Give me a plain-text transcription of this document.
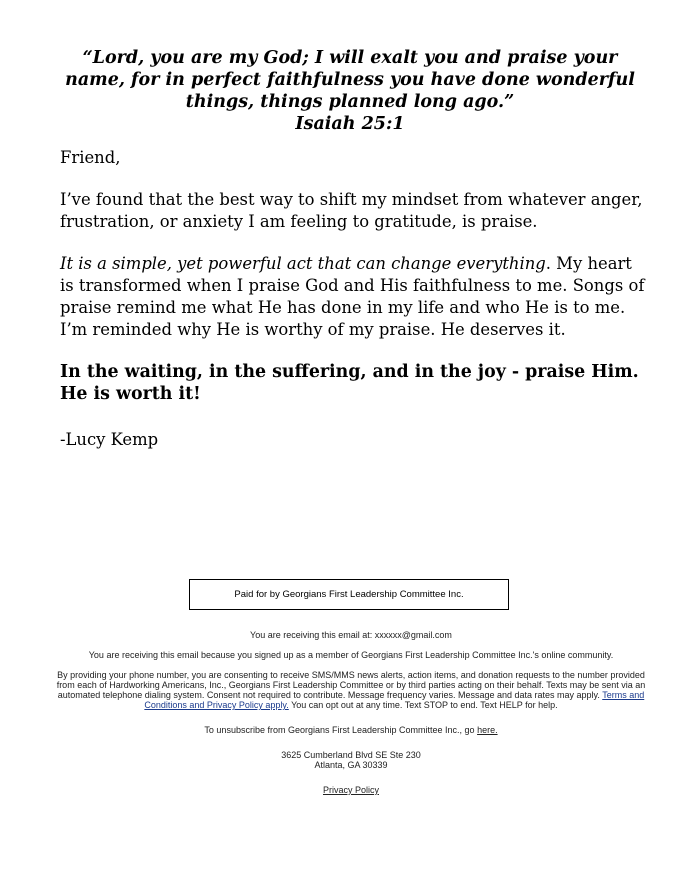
“Lord, you are my God; I will exalt you and praise your
name, for in perfect faithfulness you have done wonderful
things, things planned long ago.”
Isaiah 25:1

Friend,

I’ve found that the best way to shift my mindset from whatever anger, frustration, or anxiety I am feeling to gratitude, is praise.

It is a simple, yet powerful act that can change everything. My heart is transformed when I praise God and His faithfulness to me. Songs of praise remind me what He has done in my life and who He is to me. I’m reminded why He is worthy of my praise. He deserves it.

In the waiting, in the suffering, and in the joy - praise Him. He is worth it!

-Lucy Kemp

Paid for by Georgians First Leadership Committee Inc.

You are receiving this email at: xxxxxx@gmail.com

You are receiving this email because you signed up as a member of Georgians First Leadership Committee Inc.'s online community.

By providing your phone number, you are consenting to receive SMS/MMS news alerts, action items, and donation requests to the number provided from each of Hardworking Americans, Inc., Georgians First Leadership Committee or by third parties acting on their behalf. Texts may be sent via an automated telephone dialing system. Consent not required to contribute. Message frequency varies. Message and data rates may apply. Terms and Conditions and Privacy Policy apply. You can opt out at any time. Text STOP to end. Text HELP for help.

To unsubscribe from Georgians First Leadership Committee Inc., go here.

3625 Cumberland Blvd SE Ste 230
Atlanta, GA 30339

Privacy Policy
